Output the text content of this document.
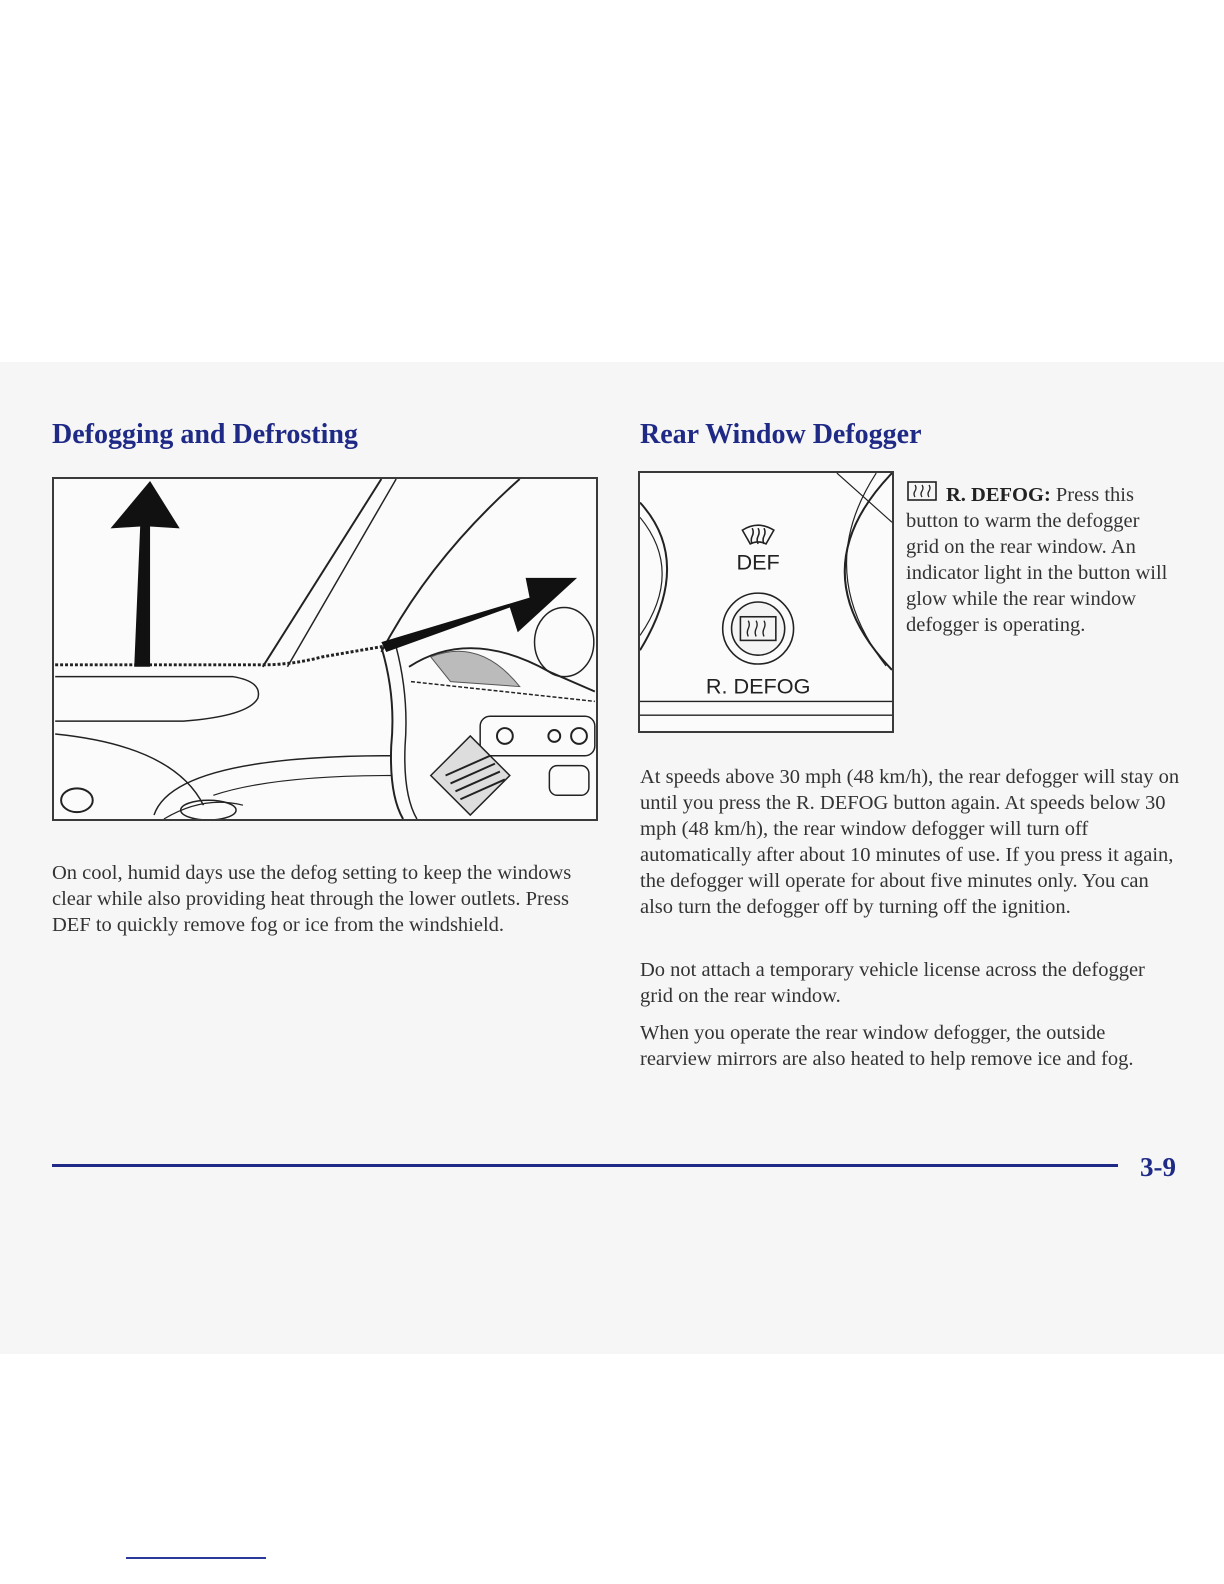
Defogging and Defrosting

On cool, humid days use the defog setting to keep the windows clear while also providing heat through the lower outlets. Press DEF to quickly remove fog or ice from the windshield.

Rear Window Defogger
DEF
R. DEFOG
R. DEFOG: Press this button to warm the defogger grid on the rear window. An indicator light in the button will glow while the rear window defogger is operating.

At speeds above 30 mph (48 km/h), the rear defogger will stay on until you press the R. DEFOG button again. At speeds below 30 mph (48 km/h), the rear window defogger will turn off automatically after about 10 minutes of use. If you press it again, the defogger will operate for about five minutes only. You can also turn the defogger off by turning off the ignition.

Do not attach a temporary vehicle license across the defogger grid on the rear window.

When you operate the rear window defogger, the outside rearview mirrors are also heated to help remove ice and fog.

3-9
